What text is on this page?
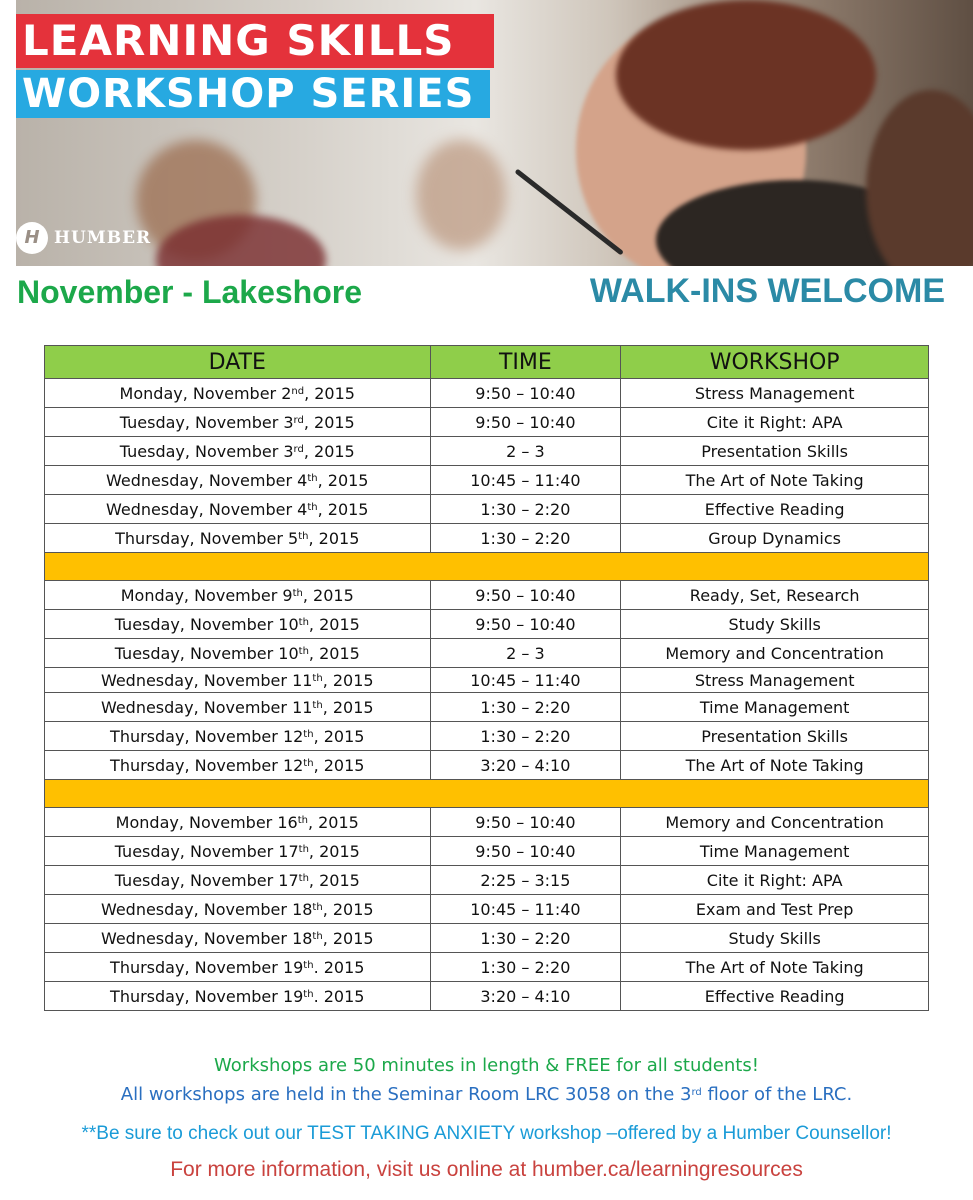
LEARNING SKILLS
WORKSHOP SERIES
H HUMBER
November - Lakeshore	WALK-INS WELCOME
DATE	TIME	WORKSHOP
Monday, November 2nd, 2015	9:50 – 10:40	Stress Management
Tuesday, November 3rd, 2015	9:50 – 10:40	Cite it Right: APA
Tuesday, November 3rd, 2015	2 – 3	Presentation Skills
Wednesday, November 4th, 2015	10:45 – 11:40	The Art of Note Taking
Wednesday, November 4th, 2015	1:30 – 2:20	Effective Reading
Thursday, November 5th, 2015	1:30 – 2:20	Group Dynamics

Monday, November 9th, 2015	9:50 – 10:40	Ready, Set, Research
Tuesday, November 10th, 2015	9:50 – 10:40	Study Skills
Tuesday, November 10th, 2015	2 – 3	Memory and Concentration
Wednesday, November 11th, 2015	10:45 – 11:40	Stress Management
Wednesday, November 11th, 2015	1:30 – 2:20	Time Management
Thursday, November 12th, 2015	1:30 – 2:20	Presentation Skills
Thursday, November 12th, 2015	3:20 – 4:10	The Art of Note Taking

Monday, November 16th, 2015	9:50 – 10:40	Memory and Concentration
Tuesday, November 17th, 2015	9:50 – 10:40	Time Management
Tuesday, November 17th, 2015	2:25 – 3:15	Cite it Right: APA
Wednesday, November 18th, 2015	10:45 – 11:40	Exam and Test Prep
Wednesday, November 18th, 2015	1:30 – 2:20	Study Skills
Thursday, November 19th. 2015	1:30 – 2:20	The Art of Note Taking
Thursday, November 19th. 2015	3:20 – 4:10	Effective Reading
Workshops are 50 minutes in length & FREE for all students!
All workshops are held in the Seminar Room LRC 3058 on the 3rd floor of the LRC.
**Be sure to check out our TEST TAKING ANXIETY workshop –offered by a Humber Counsellor!
For more information, visit us online at humber.ca/learningresources
